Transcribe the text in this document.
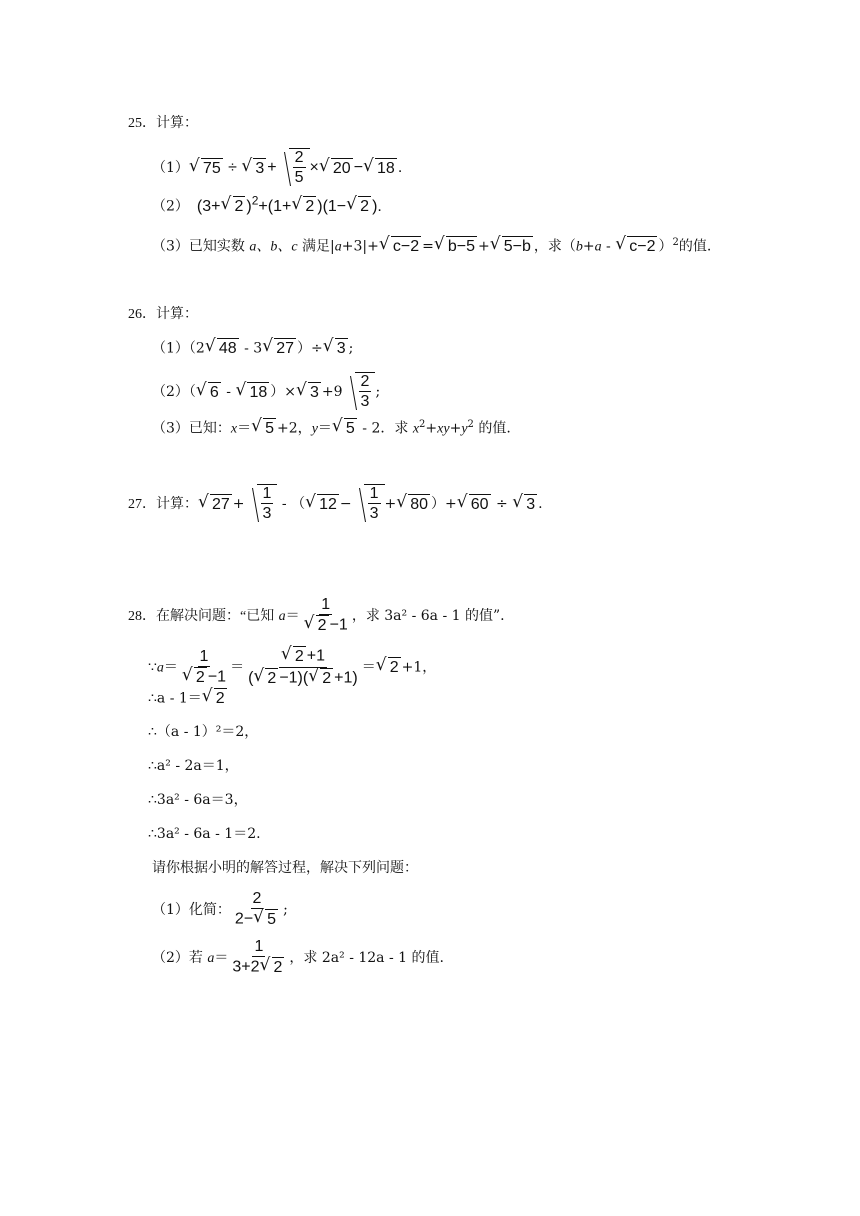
25．计算：
（1） √ 75 ÷ √ $3 + \frac{2}{5}$ × √ 20 − √ 18 .
（2） (3+ √ 2 )$^2$+(1+ √ 2 )(1− √ 2 ).
（3）已知实数 a、b、c 满足|a+3|+ √ c−2 = √ b−5 + √ 5−b ，求（b+a - √ c−2 ）$^2$的值.
26．计算：
（1）（2 √ 48 - 3 √ 27 ）÷ √ 3 ;
（2）（ √ 6 - √ 18 ）× √ $3 +9 \frac{2}{3}$ ;
（3）已知：x＝ √ 5 +2，y＝ √ 5 - 2．求 $x^2+xy+y^2$ 的值.
27．计算： √ $27 + \frac{1}{3}$ - （ √ $12 - \frac{1}{3}$ + √ 80 ）+ √ 60 ÷ √ 3 .
28．在解决问题：“已知 a＝ 1
√ 2 −1 ，求 3a² - 6a - 1 的值”.
∵a＝ 1
√ 2 −1 ＝ √ $\frac{2 +1}{( √ 2 -1)( √ 2 +1)}$ ＝ √ 2 +1，
∴a - 1＝ √ 2
∴（a - 1）²＝2，
∴a² - 2a＝1，
∴3a² - 6a＝3，
∴3a² - 6a - 1＝2.
请你根据小明的解答过程，解决下列问题：
（1）化简： $\frac{2}{2- √ 5}$ ;
（2）若 $a= \frac{1}{3+2 √ 2}$ ，求 2a² - 12a - 1 的值.
